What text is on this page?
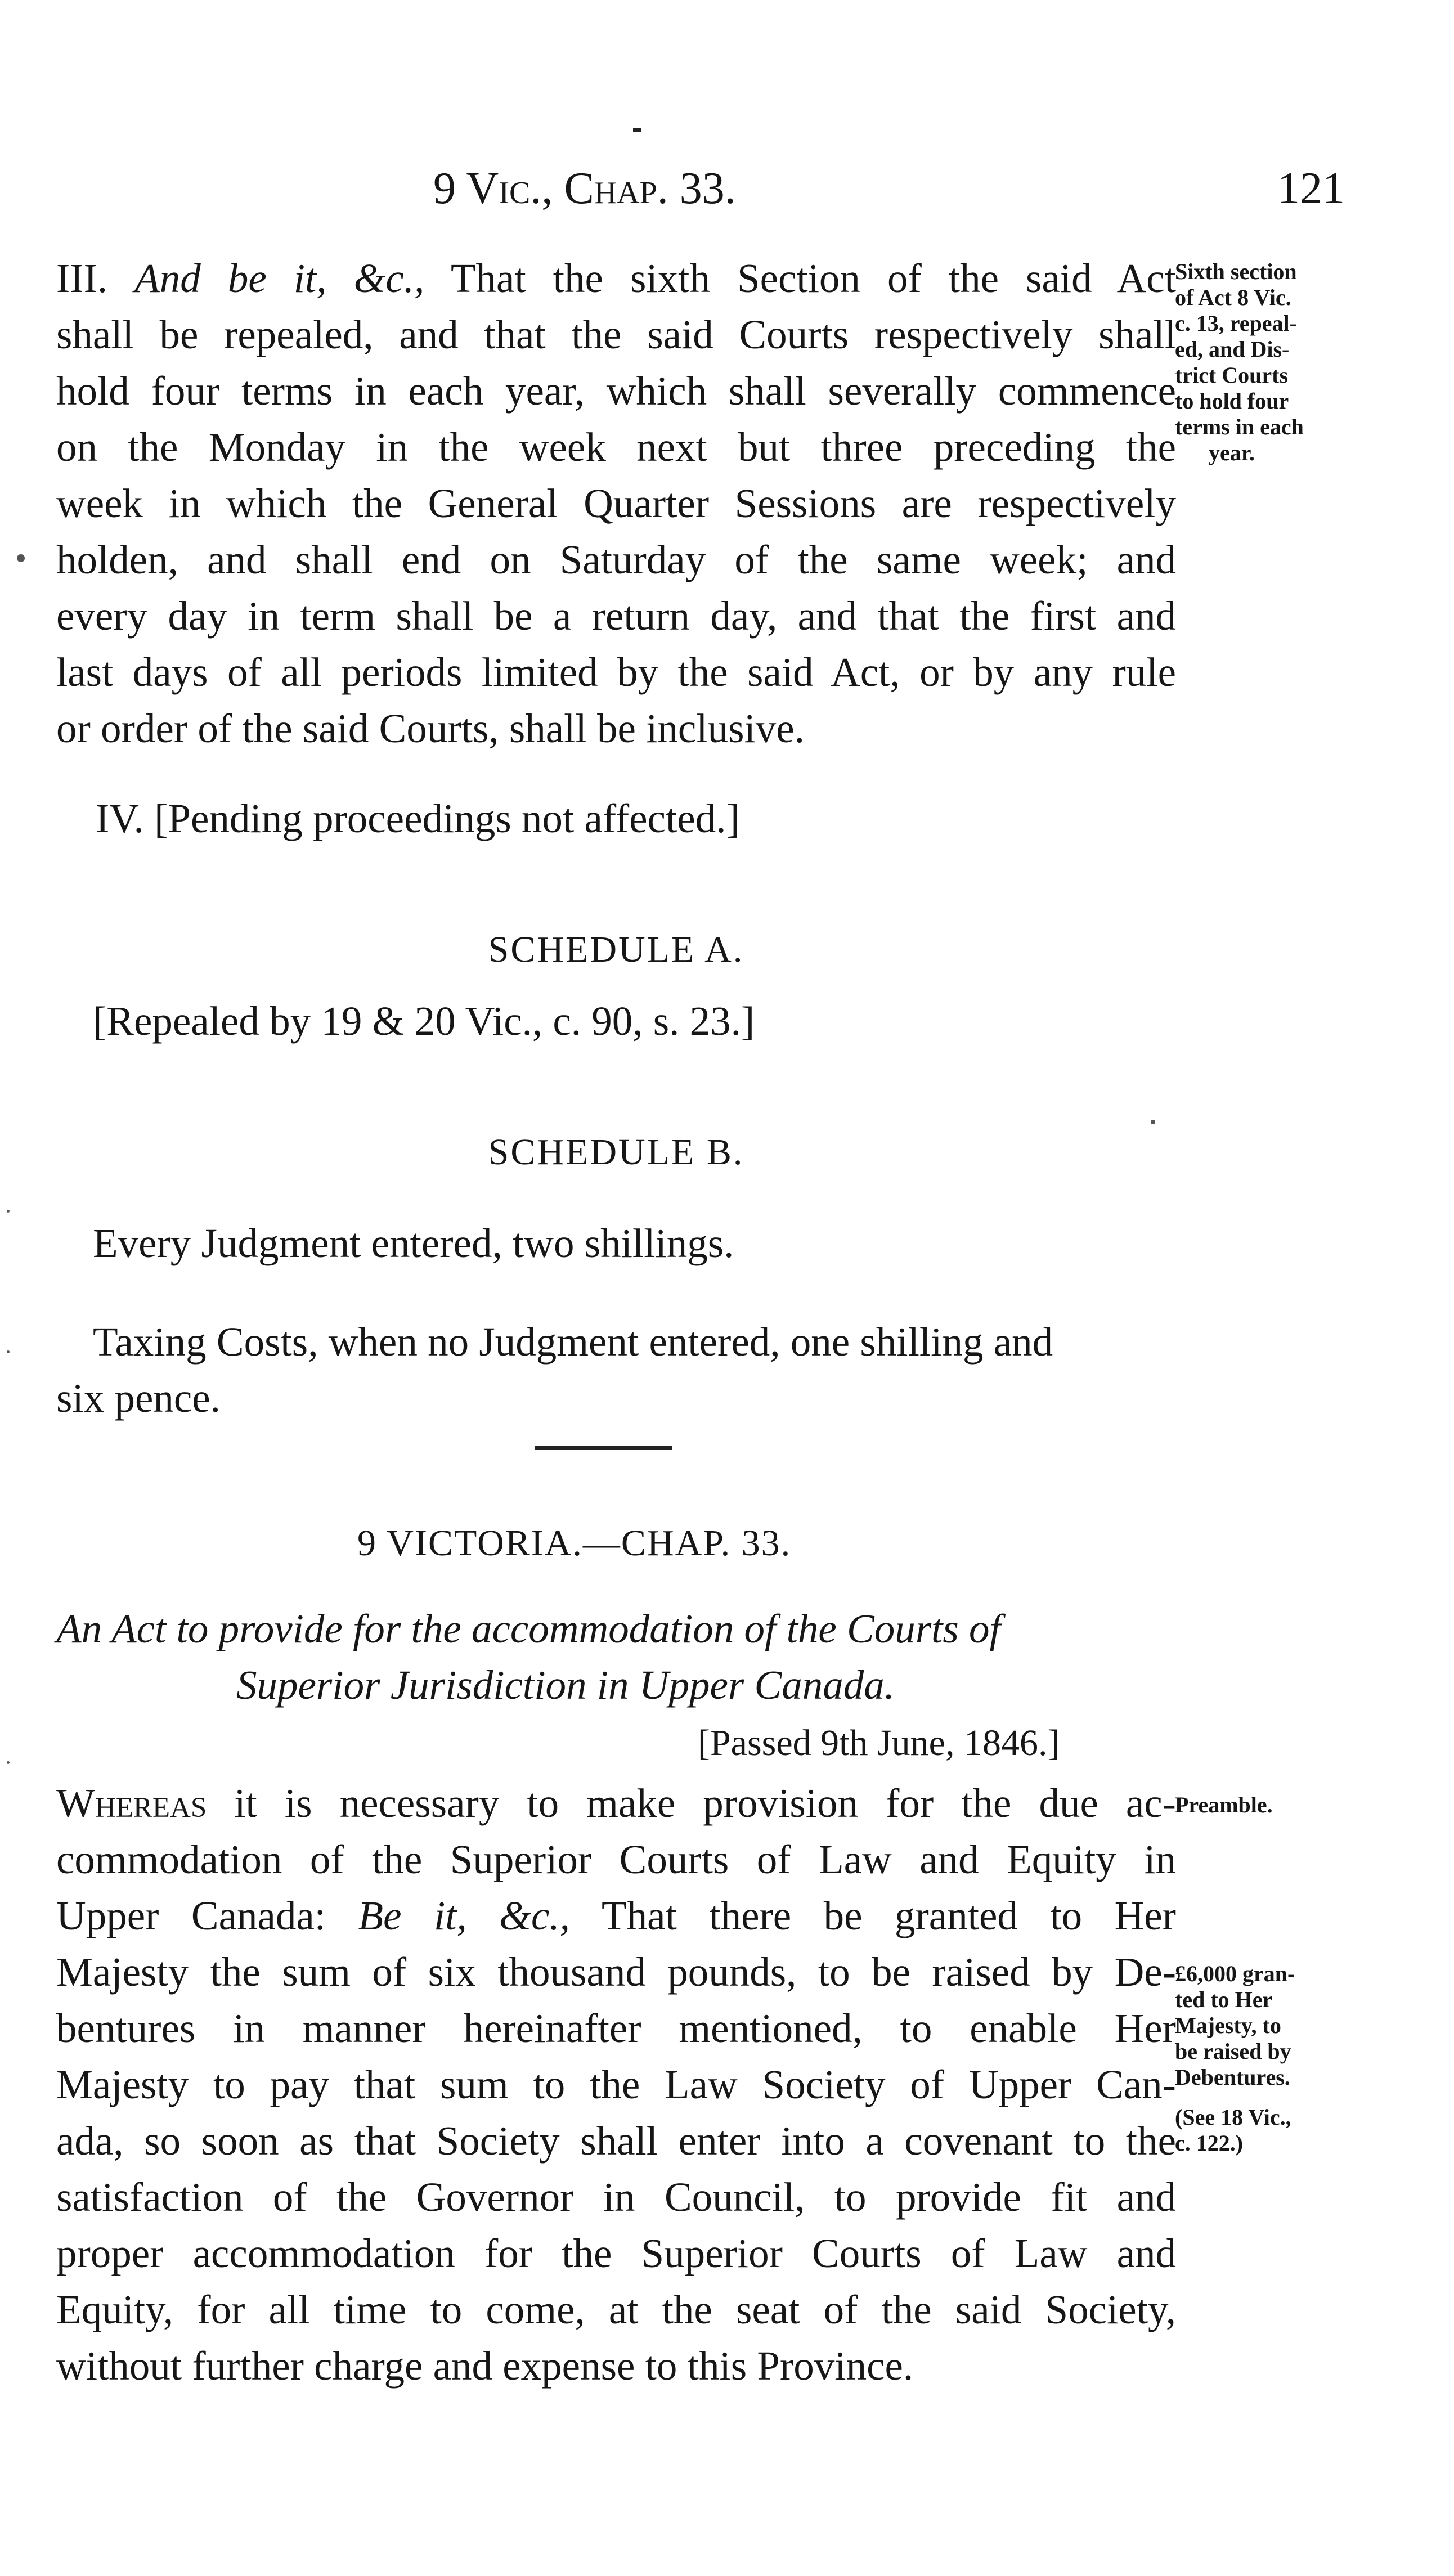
9 Vic., Chap. 33.	121
III. And be it, &c., That the sixth Section of the said Act
shall be repealed, and that the said Courts respectively shall
hold four terms in each year, which shall severally commence
on the Monday in the week next but three preceding the
week in which the General Quarter Sessions are respectively
holden, and shall end on Saturday of the same week; and
every day in term shall be a return day, and that the first and
last days of all periods limited by the said Act, or by any rule
or order of the said Courts, shall be inclusive.
Sixth section
of Act 8 Vic.
c. 13, repeal-
ed, and Dis-
trict Courts
to hold four
terms in each
year.
IV. [Pending proceedings not affected.]
SCHEDULE A.
[Repealed by 19 & 20 Vic., c. 90, s. 23.]
SCHEDULE B.
Every Judgment entered, two shillings.
Taxing Costs, when no Judgment entered, one shilling and
six pence.
9 VICTORIA.—CHAP. 33.
An Act to provide for the accommodation of the Courts of
Superior Jurisdiction in Upper Canada.
[Passed 9th June, 1846.]
Whereas it is necessary to make provision for the due ac-
commodation of the Superior Courts of Law and Equity in
Upper Canada: Be it, &c., That there be granted to Her
Majesty the sum of six thousand pounds, to be raised by De-
bentures in manner hereinafter mentioned, to enable Her
Majesty to pay that sum to the Law Society of Upper Can-
ada, so soon as that Society shall enter into a covenant to the
satisfaction of the Governor in Council, to provide fit and
proper accommodation for the Superior Courts of Law and
Equity, for all time to come, at the seat of the said Society,
without further charge and expense to this Province.
Preamble.
£6,000 gran-
ted to Her
Majesty, to
be raised by
Debentures.
(See 18 Vic.,
c. 122.)
